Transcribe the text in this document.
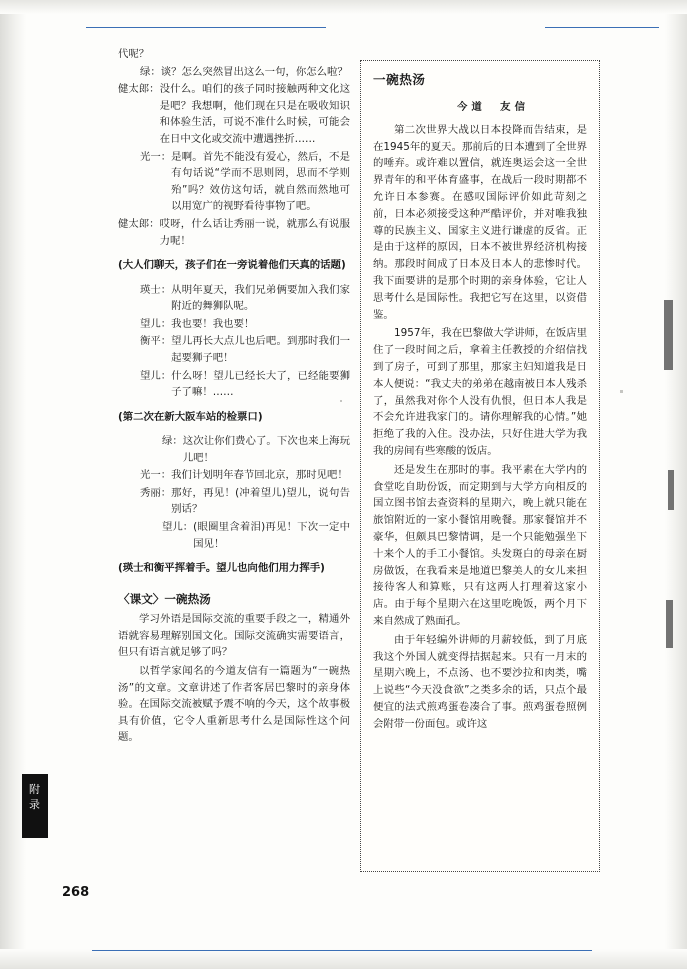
代呢？
绿： 谈？怎么突然冒出这么一句，你怎么啦？
健太郎： 没什么。咱们的孩子同时接触两种文化这是吧？我想啊，他们现在只是在吸收知识和体验生活，可说不准什么时候，可能会在日中文化或交流中遭遇挫折……
光一： 是啊。首先不能没有爱心，然后，不是有句话说“学而不思则罔，思而不学则殆”吗？效仿这句话，就自然而然地可以用宽广的视野看待事物了吧。
健太郎： 哎呀，什么话让秀丽一说，就那么有说服力呢！
(大人们聊天，孩子们在一旁说着他们天真的话题)
瑛士： 从明年夏天，我们兄弟俩要加入我们家附近的舞狮队呢。
望儿： 我也要！我也要！
衡平： 望儿再长大点儿也后吧。到那时我们一起要狮子吧！
望儿： 什么呀！望儿已经长大了，已经能要狮子了嘛！……
(第二次在新大阪车站的检票口)
绿： 这次让你们费心了。下次也来上海玩儿吧！
光一： 我们计划明年春节回北京，那时见吧！
秀丽： 那好，再见！(冲着望儿)望儿，说句告别话？
望儿： (眼圈里含着泪)再见！下次一定中国见！
(瑛士和衡平挥着手。望儿也向他们用力挥手)
〈课文〉一碗热汤

学习外语是国际交流的重要手段之一，精通外语就容易理解别国文化。国际交流确实需要语言，但只有语言就足够了吗？

以哲学家闻名的今道友信有一篇题为“一碗热汤”的文章。文章讲述了作者客居巴黎时的亲身体验。在国际交流被赋予震不响的今天，这个故事极具有价值，它令人重新思考什么是国际性这个问题。

一碗热汤
今道　友信

第二次世界大战以日本投降而告结束，是在1945年的夏天。那前后的日本遭到了全世界的唾弃。或许难以置信，就连奥运会这一全世界青年的和平体育盛事，在战后一段时期都不允许日本参赛。在感叹国际评价如此苛刻之前，日本必须接受这种严酷评价，并对唯我独尊的民族主义、国家主义进行谦虚的反省。正是由于这样的原因，日本不被世界经济机构接纳。那段时间成了日本及日本人的悲惨时代。我下面要讲的是那个时期的亲身体验，它让人思考什么是国际性。我把它写在这里，以资借鉴。

1957年，我在巴黎做大学讲师，在饭店里住了一段时间之后，拿着主任教授的介绍信找到了房子，可到了那里，那家主妇知道我是日本人便说：“我丈夫的弟弟在越南被日本人残杀了，虽然我对你个人没有仇恨，但日本人我是不会允许进我家门的。请你理解我的心情。”她拒绝了我的入住。没办法，只好住进大学为我我的房间有些寒酸的饭店。

还是发生在那时的事。我平素在大学内的食堂吃自助份饭，而定期到与大学方向相反的国立图书馆去查资料的星期六，晚上就只能在旅馆附近的一家小餐馆用晚餐。那家餐馆并不豪华，但颇具巴黎情调，是一个只能勉强坐下十来个人的手工小餐馆。头发斑白的母亲在厨房做饭，在我看来是地道巴黎美人的女儿来担接待客人和算账，只有这两人打理着这家小店。由于每个星期六在这里吃晚饭，两个月下来自然成了熟面孔。

由于年轻编外讲师的月薪较低，到了月底我这个外国人就变得拮据起来。只有一月末的星期六晚上，不点汤、也不要沙拉和肉类，嘴上说些“今天没食欲”之类多余的话，只点个最便宜的法式煎鸡蛋卷凑合了事。煎鸡蛋卷照例会附带一份面包。或许这

附
录
268
